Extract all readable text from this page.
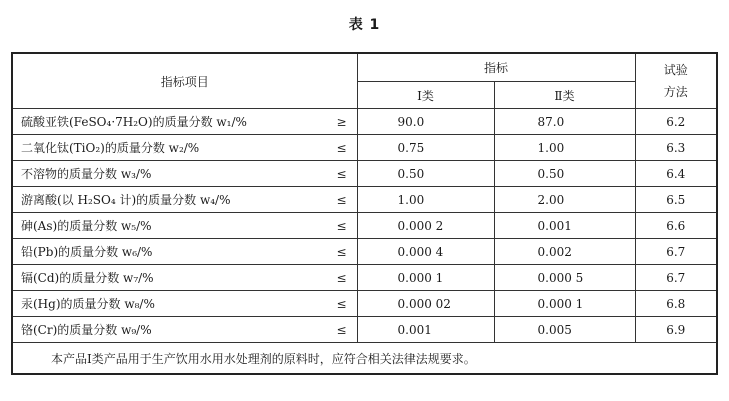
表 1
指标项目	指标		试验
方法

	Ⅰ类	Ⅱ类	

硫酸亚铁(FeSO₄·7H₂O)的质量分数 w₁/% ≥	90.0	87.0	6.2

二氧化钛(TiO₂)的质量分数 w₂/% ≤	0.75	1.00	6.3

不溶物的质量分数 w₃/% ≤	0.50	0.50	6.4

游离酸(以 H₂SO₄ 计)的质量分数 w₄/% ≤	1.00	2.00	6.5

砷(As)的质量分数 w₅/% ≤	0.000 2	0.001	6.6

铅(Pb)的质量分数 w₆/% ≤	0.000 4	0.002	6.7

镉(Cd)的质量分数 w₇/% ≤	0.000 1	0.000 5	6.7

汞(Hg)的质量分数 w₈/% ≤	0.000 02	0.000 1	6.8

铬(Cr)的质量分数 w₉/% ≤	0.001	0.005	6.9
本产品Ⅰ类产品用于生产饮用水用水处理剂的原料时，应符合相关法律法规要求。			
